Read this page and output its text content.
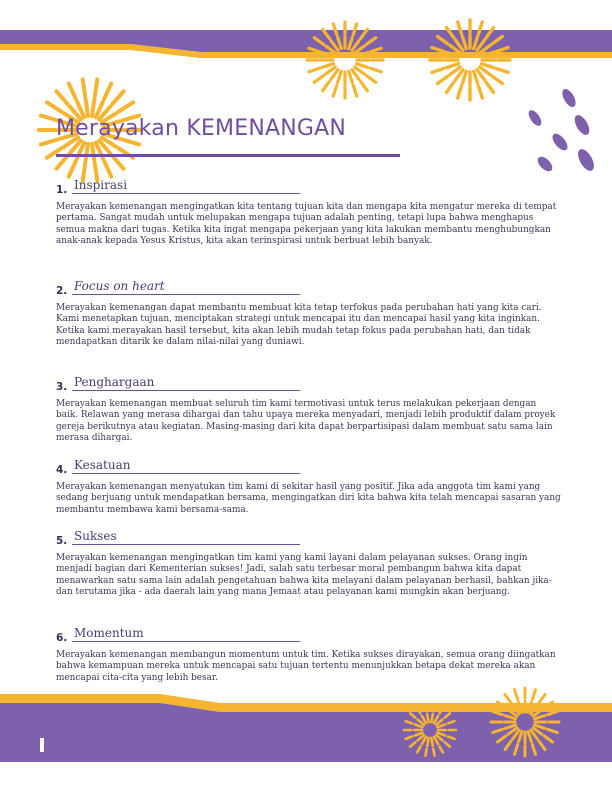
Merayakan KEMENANGAN
1. Inspirasi
Merayakan kemenangan mengingatkan kita tentang tujuan kita dan mengapa kita mengatur mereka di tempat pertama. Sangat mudah untuk melupakan mengapa tujuan adalah penting, tetapi lupa bahwa menghapus semua makna dari tugas. Ketika kita ingat mengapa pekerjaan yang kita lakukan membantu menghubungkan anak-anak kepada Yesus Kristus, kita akan terinspirasi untuk berbuat lebih banyak.
2. Focus on heart
Merayakan kemenangan dapat membantu membuat kita tetap terfokus pada perubahan hati yang kita cari. Kami menetapkan tujuan, menciptakan strategi untuk mencapai itu dan mencapai hasil yang kita inginkan. Ketika kami merayakan hasil tersebut, kita akan lebih mudah tetap fokus pada perubahan hati, dan tidak mendapatkan ditarik ke dalam nilai-nilai yang duniawi.
3. Penghargaan
Merayakan kemenangan membuat seluruh tim kami termotivasi untuk terus melakukan pekerjaan dengan baik. Relawan yang merasa dihargai dan tahu upaya mereka menyadari, menjadi lebih produktif dalam proyek gereja berikutnya atau kegiatan. Masing-masing dari kita dapat berpartisipasi dalam membuat satu sama lain merasa dihargai.
4. Kesatuan
Merayakan kemenangan menyatukan tim kami di sekitar hasil yang positif. Jika ada anggota tim kami yang sedang berjuang untuk mendapatkan bersama, mengingatkan diri kita bahwa kita telah mencapai sasaran yang membantu membawa kami bersama-sama.
5. Sukses
Merayakan kemenangan mengingatkan tim kami yang kami layani dalam pelayanan sukses. Orang ingin menjadi bagian dari Kementerian sukses! Jadi, salah satu terbesar moral pembangun bahwa kita dapat menawarkan satu sama lain adalah pengetahuan bahwa kita melayani dalam pelayanan berhasil, bahkan jika- dan terutama jika - ada daerah lain yang mana Jemaat atau pelayanan kami mungkin akan berjuang.
6. Momentum
Merayakan kemenangan membangun momentum untuk tim. Ketika sukses dirayakan, semua orang diingatkan bahwa kemampuan mereka untuk mencapai satu tujuan tertentu menunjukkan betapa dekat mereka akan mencapai cita-cita yang lebih besar.
